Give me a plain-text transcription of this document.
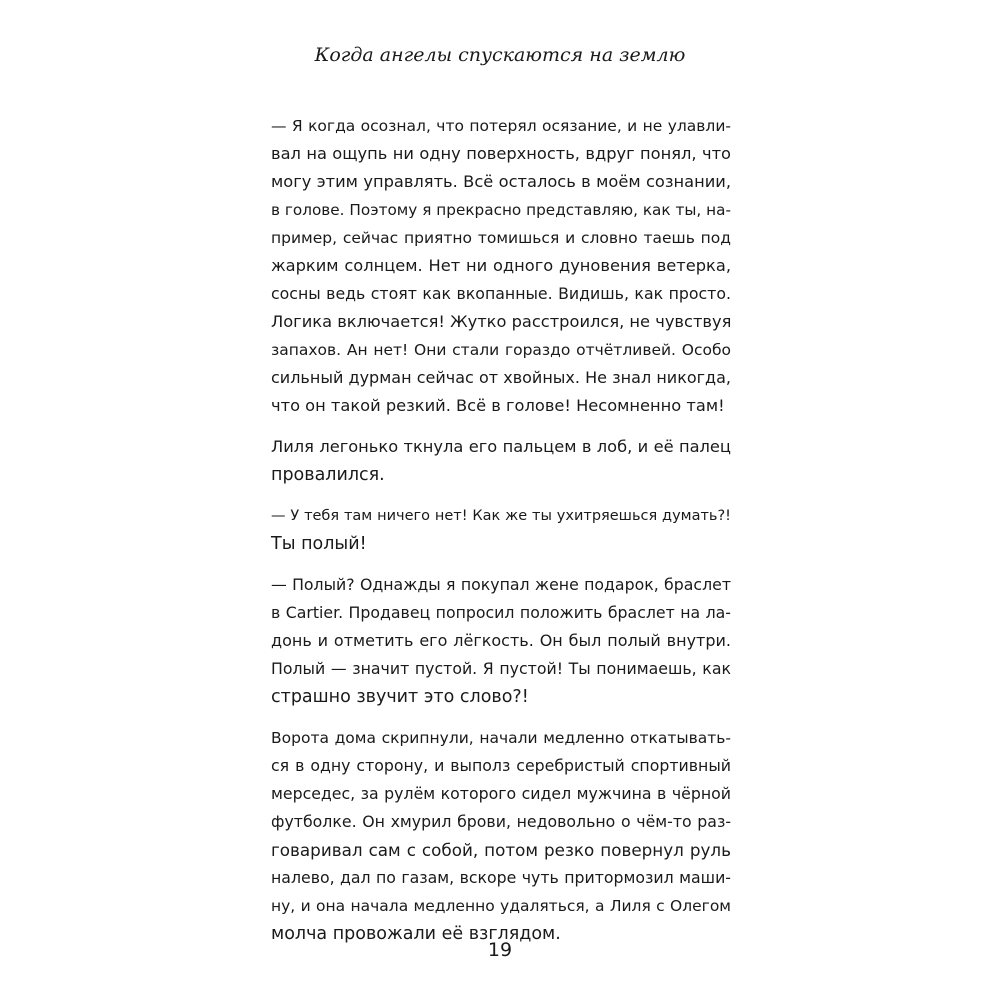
Когда ангелы спускаются на землю

— Я когда осознал, что потерял осязание, и не улавли-
вал на ощупь ни одну поверхность, вдруг понял, что
могу этим управлять. Всё осталось в моём сознании,
в голове. Поэтому я прекрасно представляю, как ты, на-
пример, сейчас приятно томишься и словно таешь под
жарким солнцем. Нет ни одного дуновения ветерка,
сосны ведь стоят как вкопанные. Видишь, как просто.
Логика включается! Жутко расстроился, не чувствуя
запахов. Ан нет! Они стали гораздо отчётливей. Особо
сильный дурман сейчас от хвойных. Не знал никогда,
что он такой резкий. Всё в голове! Несомненно там!

Лиля легонько ткнула его пальцем в лоб, и её палец
провалился.

— У тебя там ничего нет! Как же ты ухитряешься думать?!
Ты полый!

— Полый? Однажды я покупал жене подарок, браслет
в Cartier. Продавец попросил положить браслет на ла-
донь и отметить его лёгкость. Он был полый внутри.
Полый — значит пустой. Я пустой! Ты понимаешь, как
страшно звучит это слово?!

Ворота дома скрипнули, начали медленно откатывать-
ся в одну сторону, и выполз серебристый спортивный
мерседес, за рулём которого сидел мужчина в чёрной
футболке. Он хмурил брови, недовольно о чём-то раз-
говаривал сам с собой, потом резко повернул руль
налево, дал по газам, вскоре чуть притормозил маши-
ну, и она начала медленно удаляться, а Лиля с Олегом
молча провожали её взглядом.

19
